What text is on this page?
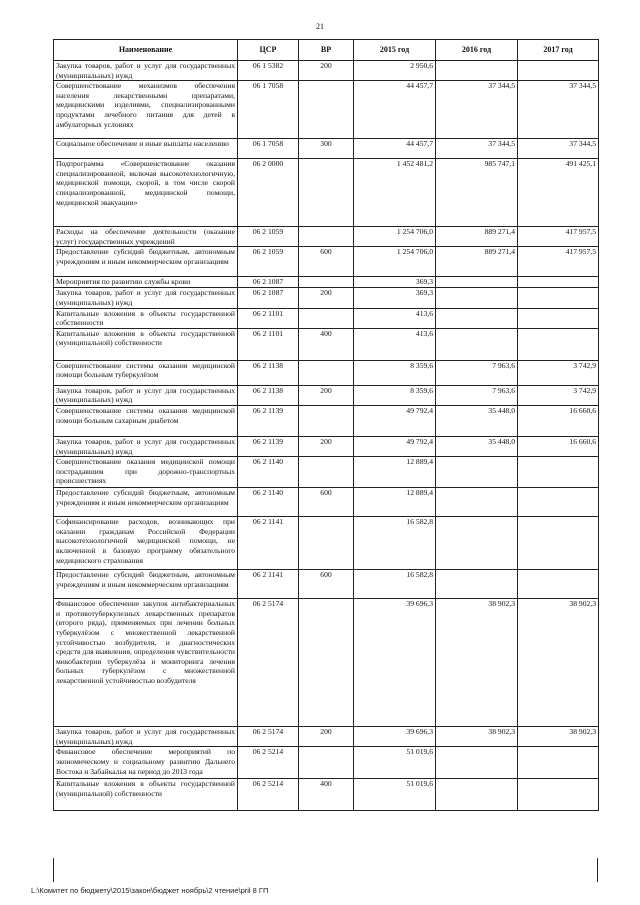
21
Наименование	ЦСР	ВР	2015 год	2016 год	2017 год
Закупка товаров, работ и услуг для государственных (муниципальных) нужд	06 1 5382	200	2 950,6		
Совершенствование механизмов обеспечения населения лекарственными препаратами, медицинскими изделиями, специализированными продуктами лечебного питания для детей в амбулаторных условиях	06 1 7058		44 457,7	37 344,5	37 344,5
Социальное обеспечение и иные выплаты населению	06 1 7058	300	44 457,7	37 344,5	37 344,5
Подпрограмма «Совершенствование оказания специализированной, включая высокотехнологичную, медицинской помощи, скорой, в том числе скорой специализированной, медицинской помощи, медицинской эвакуации»	06 2 0000		1 452 481,2	985 747,1	491 425,1
Расходы на обеспечение деятельности (оказание услуг) государственных учреждений	06 2 1059		1 254 706,0	889 271,4	417 957,5
Предоставление субсидий бюджетным, автономным учреждениям и иным некоммерческим организациям	06 2 1059	600	1 254 706,0	889 271,4	417 957,5
Мероприятия по развитию службы крови	06 2 1087		369,3		
Закупка товаров, работ и услуг для государственных (муниципальных) нужд	06 2 1087	200	369,3		
Капитальные вложения в объекты государственной собственности	06 2 1101		413,6		
Капитальные вложения в объекты государственной (муниципальной) собственности	06 2 1101	400	413,6		
Совершенствование системы оказания медицинской помощи больным туберкулёзом	06 2 1138		8 359,6	7 963,6	3 742,9
Закупка товаров, работ и услуг для государственных (муниципальных) нужд	06 2 1138	200	8 359,6	7 963,6	3 742,9
Совершенствование системы оказания медицинской помощи больным сахарным диабетом	06 2 1139		49 792,4	35 448,0	16 660,6
Закупка товаров, работ и услуг для государственных (муниципальных) нужд	06 2 1139	200	49 792,4	35 448,0	16 660,6
Совершенствование оказания медицинской помощи пострадавшим при дорожно-транспортных происшествиях	06 2 1140		12 889,4		
Предоставление субсидий бюджетным, автономным учреждениям и иным некоммерческим организациям	06 2 1140	600	12 889,4		
Софинансирование расходов, возникающих при оказании гражданам Российской Федерации высокотехнологичной медицинской помощи, не включенной в базовую программу обязательного медицинского страхования	06 2 1141		16 582,8		
Предоставление субсидий бюджетным, автономным учреждениям и иным некоммерческим организациям	06 2 1141	600	16 582,8		
Финансовое обеспечение закупок антибактериальных и противотуберкулезных лекарственных препаратов (второго ряда), применяемых при лечении больных туберкулёзом с множественной лекарственной устойчивостью возбудителя, и диагностических средств для выявления, определения чувствительности микобактерии туберкулёза и мониторинга лечения больных туберкулёзом с множественной лекарственной устойчивостью возбудителя	06 2 5174		39 696,3	38 902,3	38 902,3
Закупка товаров, работ и услуг для государственных (муниципальных) нужд	06 2 5174	200	39 696,3	38 902,3	38 902,3
Финансовое обеспечение мероприятий по экономическому и социальному развитию Дальнего Востока и Забайкалья на период до 2013 года	06 2 5214		51 019,6		
Капитальные вложения в объекты государственной (муниципальной) собственности	06 2 5214	400	51 019,6		
L:\Комитет по бюджету\2015\закон\бюджет ноябрь\2 чтение\pril 8 ГП
